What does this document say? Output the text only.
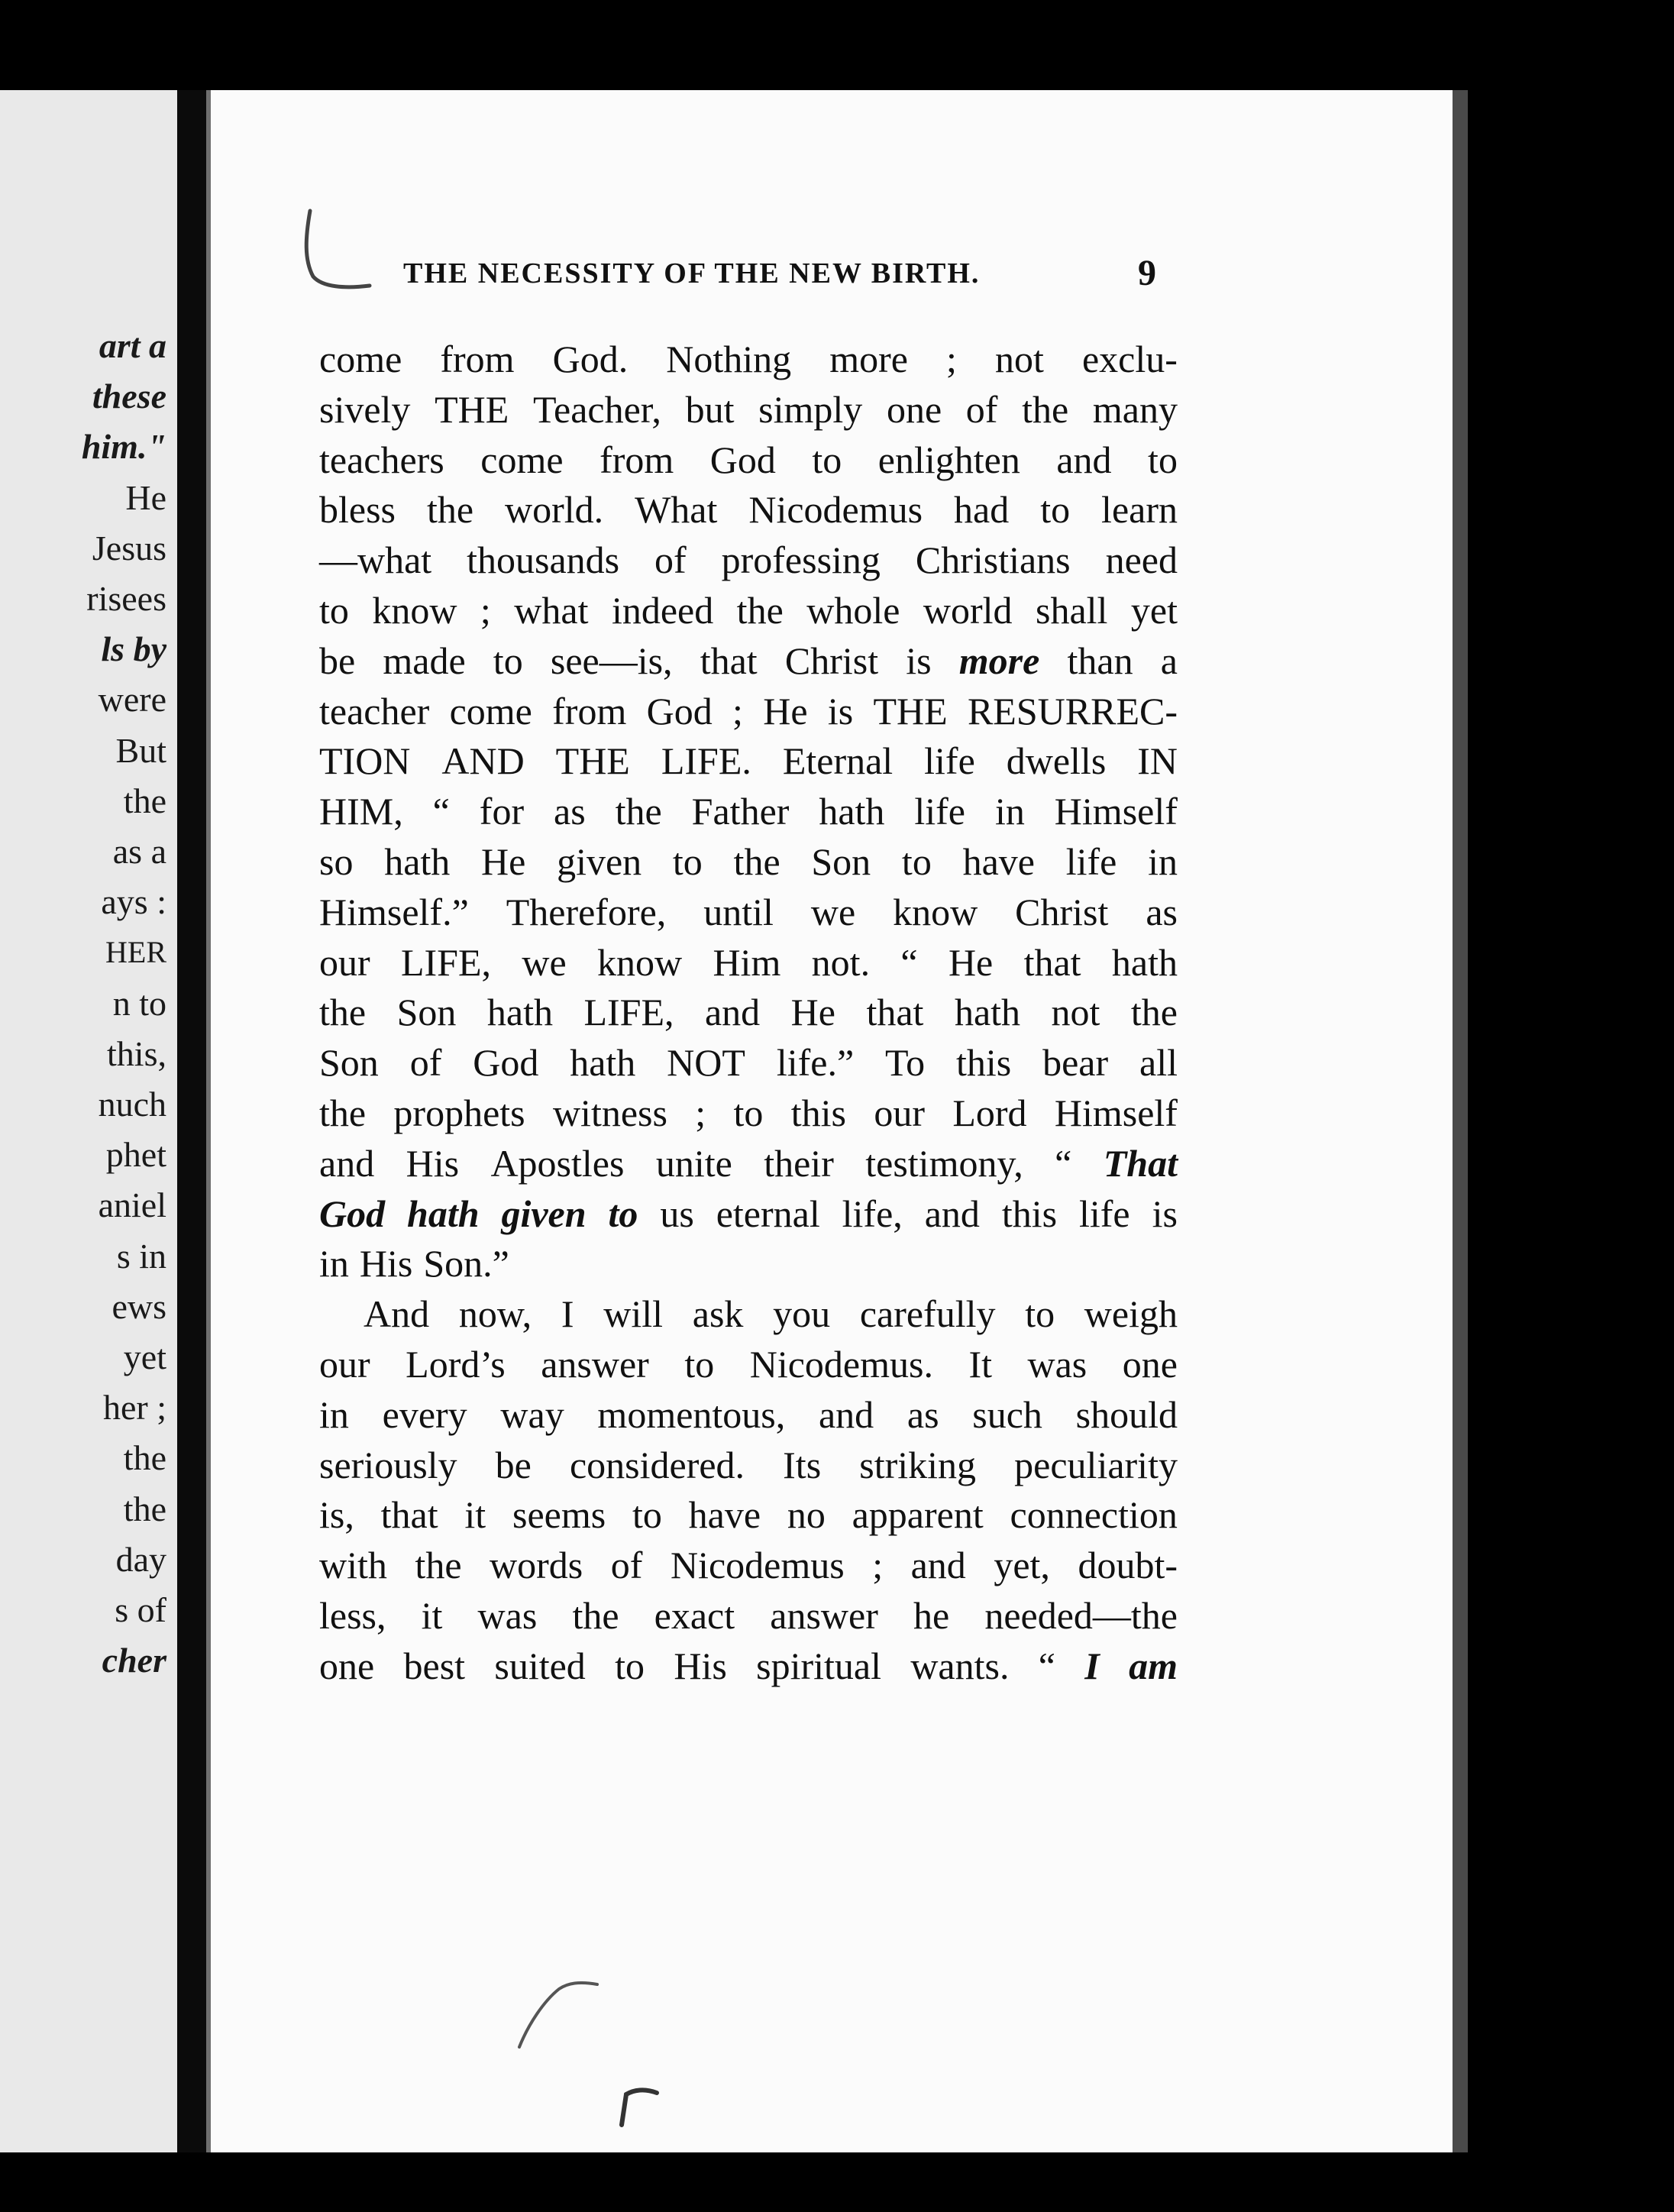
art a
these
him."
He
Jesus
risees
ls by
were
But
the
as a
ays :
HER
n to
this,
nuch
phet
aniel
s in
ews
yet
her ;
the
the
day
s of
cher
THE NECESSITY OF THE NEW BIRTH.	9
come from God. Nothing more ; not exclu-
sively THE Teacher, but simply one of the many
teachers come from God to enlighten and to
bless the world. What Nicodemus had to learn
—what thousands of professing Christians need
to know ; what indeed the whole world shall yet
be made to see—is, that Christ is more than a
teacher come from God ; He is THE RESURREC-
TION AND THE LIFE. Eternal life dwells IN
HIM, “ for as the Father hath life in Himself
so hath He given to the Son to have life in
Himself.” Therefore, until we know Christ as
our LIFE, we know Him not. “ He that hath
the Son hath LIFE, and He that hath not the
Son of God hath NOT life.” To this bear all
the prophets witness ; to this our Lord Himself
and His Apostles unite their testimony, “ That
God hath given to us eternal life, and this life is
in His Son.”
And now, I will ask you carefully to weigh
our Lord’s answer to Nicodemus. It was one
in every way momentous, and as such should
seriously be considered. Its striking peculiarity
is, that it seems to have no apparent connection
with the words of Nicodemus ; and yet, doubt-
less, it was the exact answer he needed—the
one best suited to His spiritual wants. “ I am
